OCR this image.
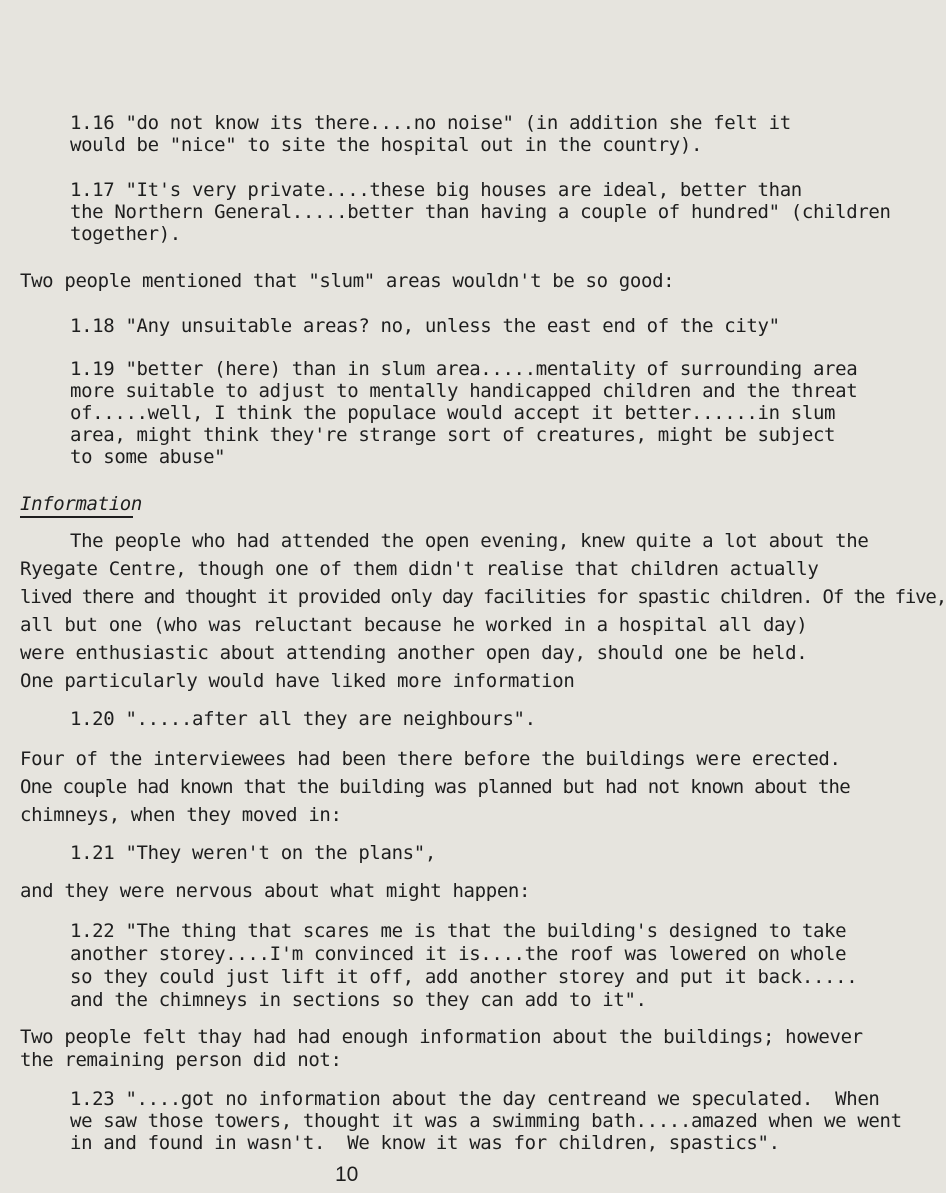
1.16 "do not know its there....no noise" (in addition she felt it
would be "nice" to site the hospital out in the country).
1.17 "It's very private....these big houses are ideal, better than
the Northern General.....better than having a couple of hundred" (children
together).
Two people mentioned that "slum" areas wouldn't be so good:
1.18 "Any unsuitable areas? no, unless the east end of the city"
1.19 "better (here) than in slum area.....mentality of surrounding area
more suitable to adjust to mentally handicapped children and the threat
of.....well, I think the populace would accept it better......in slum
area, might think they're strange sort of creatures, might be subject
to some abuse"
Information
The people who had attended the open evening, knew quite a lot about the
Ryegate Centre, though one of them didn't realise that children actually
lived there and thought it provided only day facilities for spastic children. Of the five,
all but one (who was reluctant because he worked in a hospital all day)
were enthusiastic about attending another open day, should one be held.
One particularly would have liked more information
1.20 ".....after all they are neighbours".
Four of the interviewees had been there before the buildings were erected.
One couple had known that the building was planned but had not known about the
chimneys, when they moved in:
1.21 "They weren't on the plans",
and they were nervous about what might happen:
1.22 "The thing that scares me is that the building's designed to take
another storey....I'm convinced it is....the roof was lowered on whole
so they could just lift it off, add another storey and put it back.....
and the chimneys in sections so they can add to it".
Two people felt thay had had enough information about the buildings; however
the remaining person did not:
1.23 "....got no information about the day centreand we speculated.  When
we saw those towers, thought it was a swimming bath.....amazed when we went
in and found in wasn't.  We know it was for children, spastics".
10
